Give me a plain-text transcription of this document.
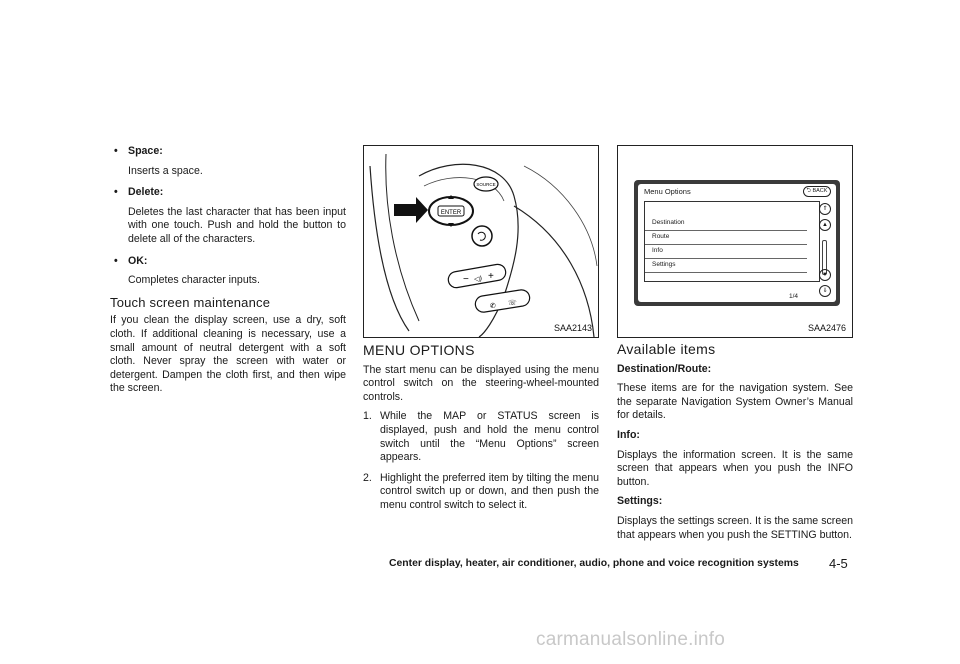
• Space:
Inserts a space.
• Delete:
Deletes the last character that has been input with one touch. Push and hold the button to delete all of the characters.
• OK:
Completes character inputs.
Touch screen maintenance

If you clean the display screen, use a dry, soft cloth. If additional cleaning is necessary, use a small amount of neutral detergent with a soft cloth. Never spray the screen with water or detergent. Dampen the cloth first, and then wipe the screen.

SOURCE
ENTER
− ◁) +
✆ ☏
SAA2143
Menu Options	⮌ BACK
Destination
Route
Info
Settings
⇑
▲
▼
⇓
1/4
SAA2476
MENU OPTIONS

The start menu can be displayed using the menu control switch on the steering-wheel-mounted controls.

1. While the MAP or STATUS screen is displayed, push and hold the menu control switch until the “Menu Options” screen appears.
2. Highlight the preferred item by tilting the menu control switch up or down, and then push the menu control switch to select it.
Available items
Destination/Route:

These items are for the navigation system. See the separate Navigation System Owner’s Manual for details.

Info:

Displays the information screen. It is the same screen that appears when you push the INFO button.

Settings:

Displays the settings screen. It is the same screen that appears when you push the SETTING button.

Center display, heater, air conditioner, audio, phone and voice recognition systems 4-5
carmanualsonline.info
